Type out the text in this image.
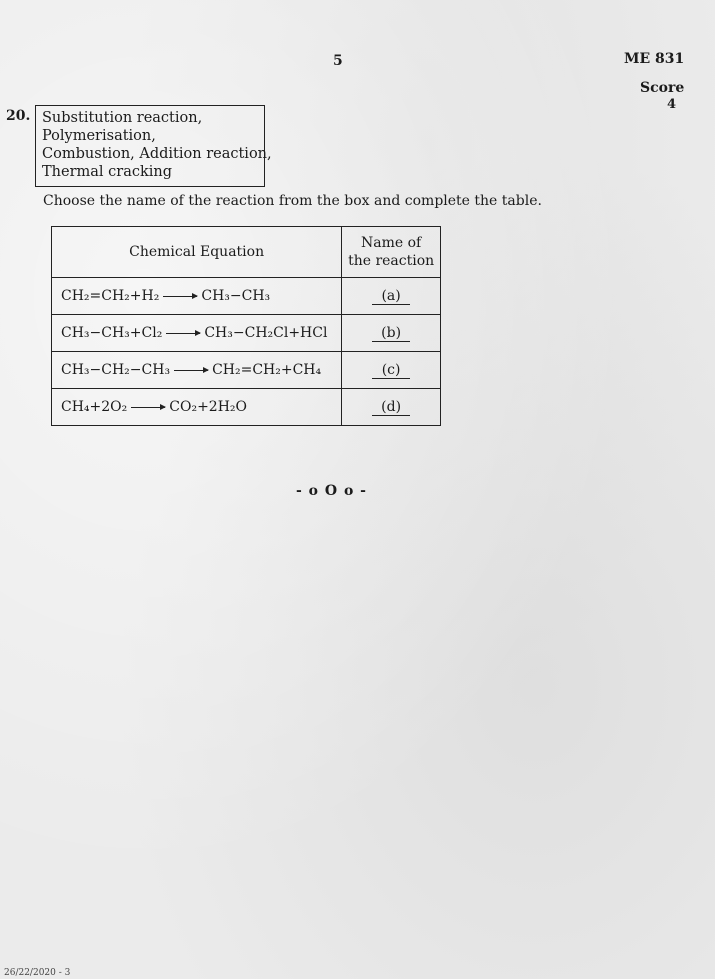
5	ME 831
Score
4
20. Substitution reaction,
Polymerisation,
Combustion, Addition reaction,
Thermal cracking
Choose the name of the reaction from the box and complete the table.
Chemical Equation	Name of
the reaction

CH₂=CH₂+H₂ CH₃−CH₃	(a)
CH₃−CH₃+Cl₂ CH₃−CH₂Cl+HCl	(b)
CH₃−CH₂−CH₃ CH₂=CH₂+CH₄	(c)
CH₄+2O₂ CO₂+2H₂O	(d)
- o O o -
26/22/2020 - 3
